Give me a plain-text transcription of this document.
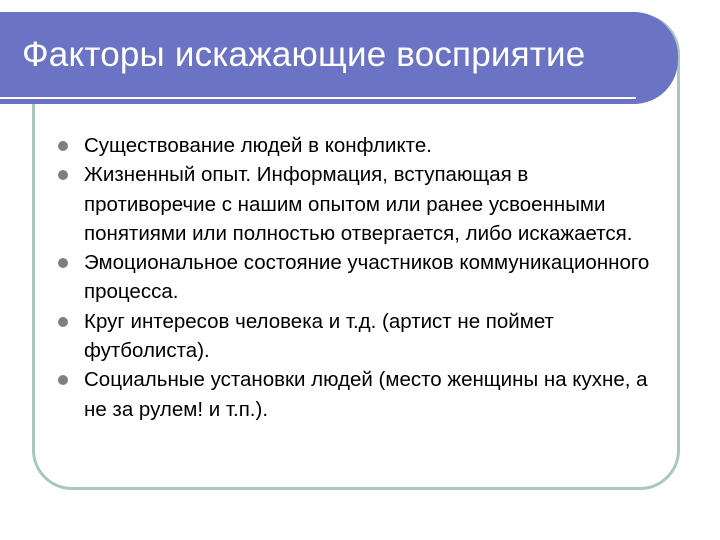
Факторы искажающие восприятие
Существование людей в конфликте.
Жизненный опыт. Информация, вступающая в противоречие с нашим опытом или ранее усвоенными понятиями или полностью отвергается, либо искажается.
Эмоциональное состояние участников коммуникационного процесса.
Круг интересов человека и т.д. (артист не поймет футболиста).
Социальные установки людей (место женщины на кухне, а не за рулем! и т.п.).
